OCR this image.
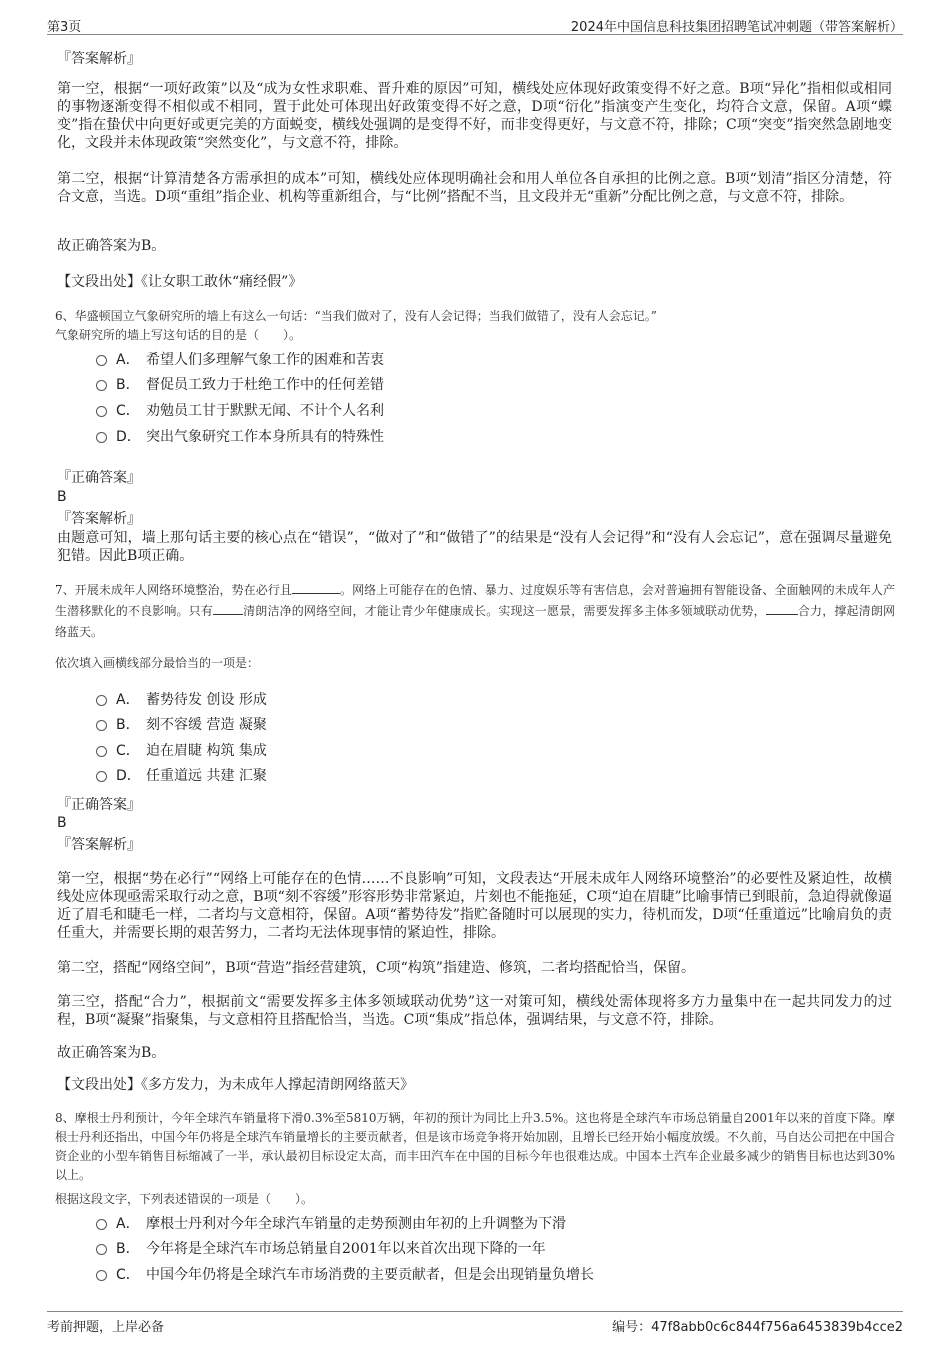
第3页	2024年中国信息科技集团招聘笔试冲刺题（带答案解析）
『答案解析』
第一空，根据“一项好政策”以及“成为女性求职难、晋升难的原因”可知，横线处应体现好政策变得不好之意。B项“异化”指相似或相同的事物逐渐变得不相似或不相同，置于此处可体现出好政策变得不好之意，D项“衍化”指演变产生变化，均符合文意，保留。A项“蝶变”指在蛰伏中向更好或更完美的方面蜕变，横线处强调的是变得不好，而非变得更好，与文意不符，排除；C项“突变”指突然急剧地变化，文段并未体现政策“突然变化”，与文意不符，排除。
第二空，根据“计算清楚各方需承担的成本”可知，横线处应体现明确社会和用人单位各自承担的比例之意。B项“划清”指区分清楚，符合文意，当选。D项“重组”指企业、机构等重新组合，与“比例”搭配不当，且文段并无“重新”分配比例之意，与文意不符，排除。
故正确答案为B。
【文段出处】《让女职工敢休“痛经假”》
6、华盛顿国立气象研究所的墙上有这么一句话：“当我们做对了，没有人会记得；当我们做错了，没有人会忘记。”
气象研究所的墙上写这句话的目的是（　　）。
A． 希望人们多理解气象工作的困难和苦衷
B． 督促员工致力于杜绝工作中的任何差错
C． 劝勉员工甘于默默无闻、不计个人名利
D． 突出气象研究工作本身所具有的特殊性
『正确答案』
B
『答案解析』
由题意可知，墙上那句话主要的核心点在“错误”，“做对了”和“做错了”的结果是“没有人会记得”和“没有人会忘记”，意在强调尽量避免犯错。因此B项正确。
7、开展未成年人网络环境整治，势在必行且	。网络上可能存在的色情、暴力、过度娱乐等有害信息，会对普遍拥有智能设备、全面触网的未成年人产生潜移默化的不良影响。只有	清朗洁净的网络空间，才能让青少年健康成长。实现这一愿景，需要发挥多主体多领域联动优势，	合力，撑起清朗网络蓝天。
依次填入画横线部分最恰当的一项是：
A． 蓄势待发 创设 形成
B． 刻不容缓 营造 凝聚
C． 迫在眉睫 构筑 集成
D． 任重道远 共建 汇聚
『正确答案』
B
『答案解析』
第一空，根据“势在必行”“网络上可能存在的色情……不良影响”可知，文段表达“开展未成年人网络环境整治”的必要性及紧迫性，故横线处应体现亟需采取行动之意，B项“刻不容缓”形容形势非常紧迫，片刻也不能拖延，C项“迫在眉睫”比喻事情已到眼前，急迫得就像逼近了眉毛和睫毛一样，二者均与文意相符，保留。A项“蓄势待发”指贮备随时可以展现的实力，待机而发，D项“任重道远”比喻肩负的责任重大，并需要长期的艰苦努力，二者均无法体现事情的紧迫性，排除。
第二空，搭配“网络空间”，B项“营造”指经营建筑，C项“构筑”指建造、修筑，二者均搭配恰当，保留。
第三空，搭配“合力”，根据前文“需要发挥多主体多领域联动优势”这一对策可知，横线处需体现将多方力量集中在一起共同发力的过程，B项“凝聚”指聚集，与文意相符且搭配恰当，当选。C项“集成”指总体，强调结果，与文意不符，排除。
故正确答案为B。
【文段出处】《多方发力，为未成年人撑起清朗网络蓝天》
8、摩根士丹利预计，今年全球汽车销量将下滑0.3%至5810万辆，年初的预计为同比上升3.5%。这也将是全球汽车市场总销量自2001年以来的首度下降。摩根士丹利还指出，中国今年仍将是全球汽车销量增长的主要贡献者，但是该市场竞争将开始加剧，且增长已经开始小幅度放缓。不久前，马自达公司把在中国合资企业的小型车销售目标缩减了一半，承认最初目标设定太高，而丰田汽车在中国的目标今年也很难达成。中国本土汽车企业最多减少的销售目标也达到30%以上。
根据这段文字，下列表述错误的一项是（　　）。
A． 摩根士丹利对今年全球汽车销量的走势预测由年初的上升调整为下滑
B． 今年将是全球汽车市场总销量自2001年以来首次出现下降的一年
C． 中国今年仍将是全球汽车市场消费的主要贡献者，但是会出现销量负增长
考前押题，上岸必备	编号：47f8abb0c6c844f756a6453839b4cce2
